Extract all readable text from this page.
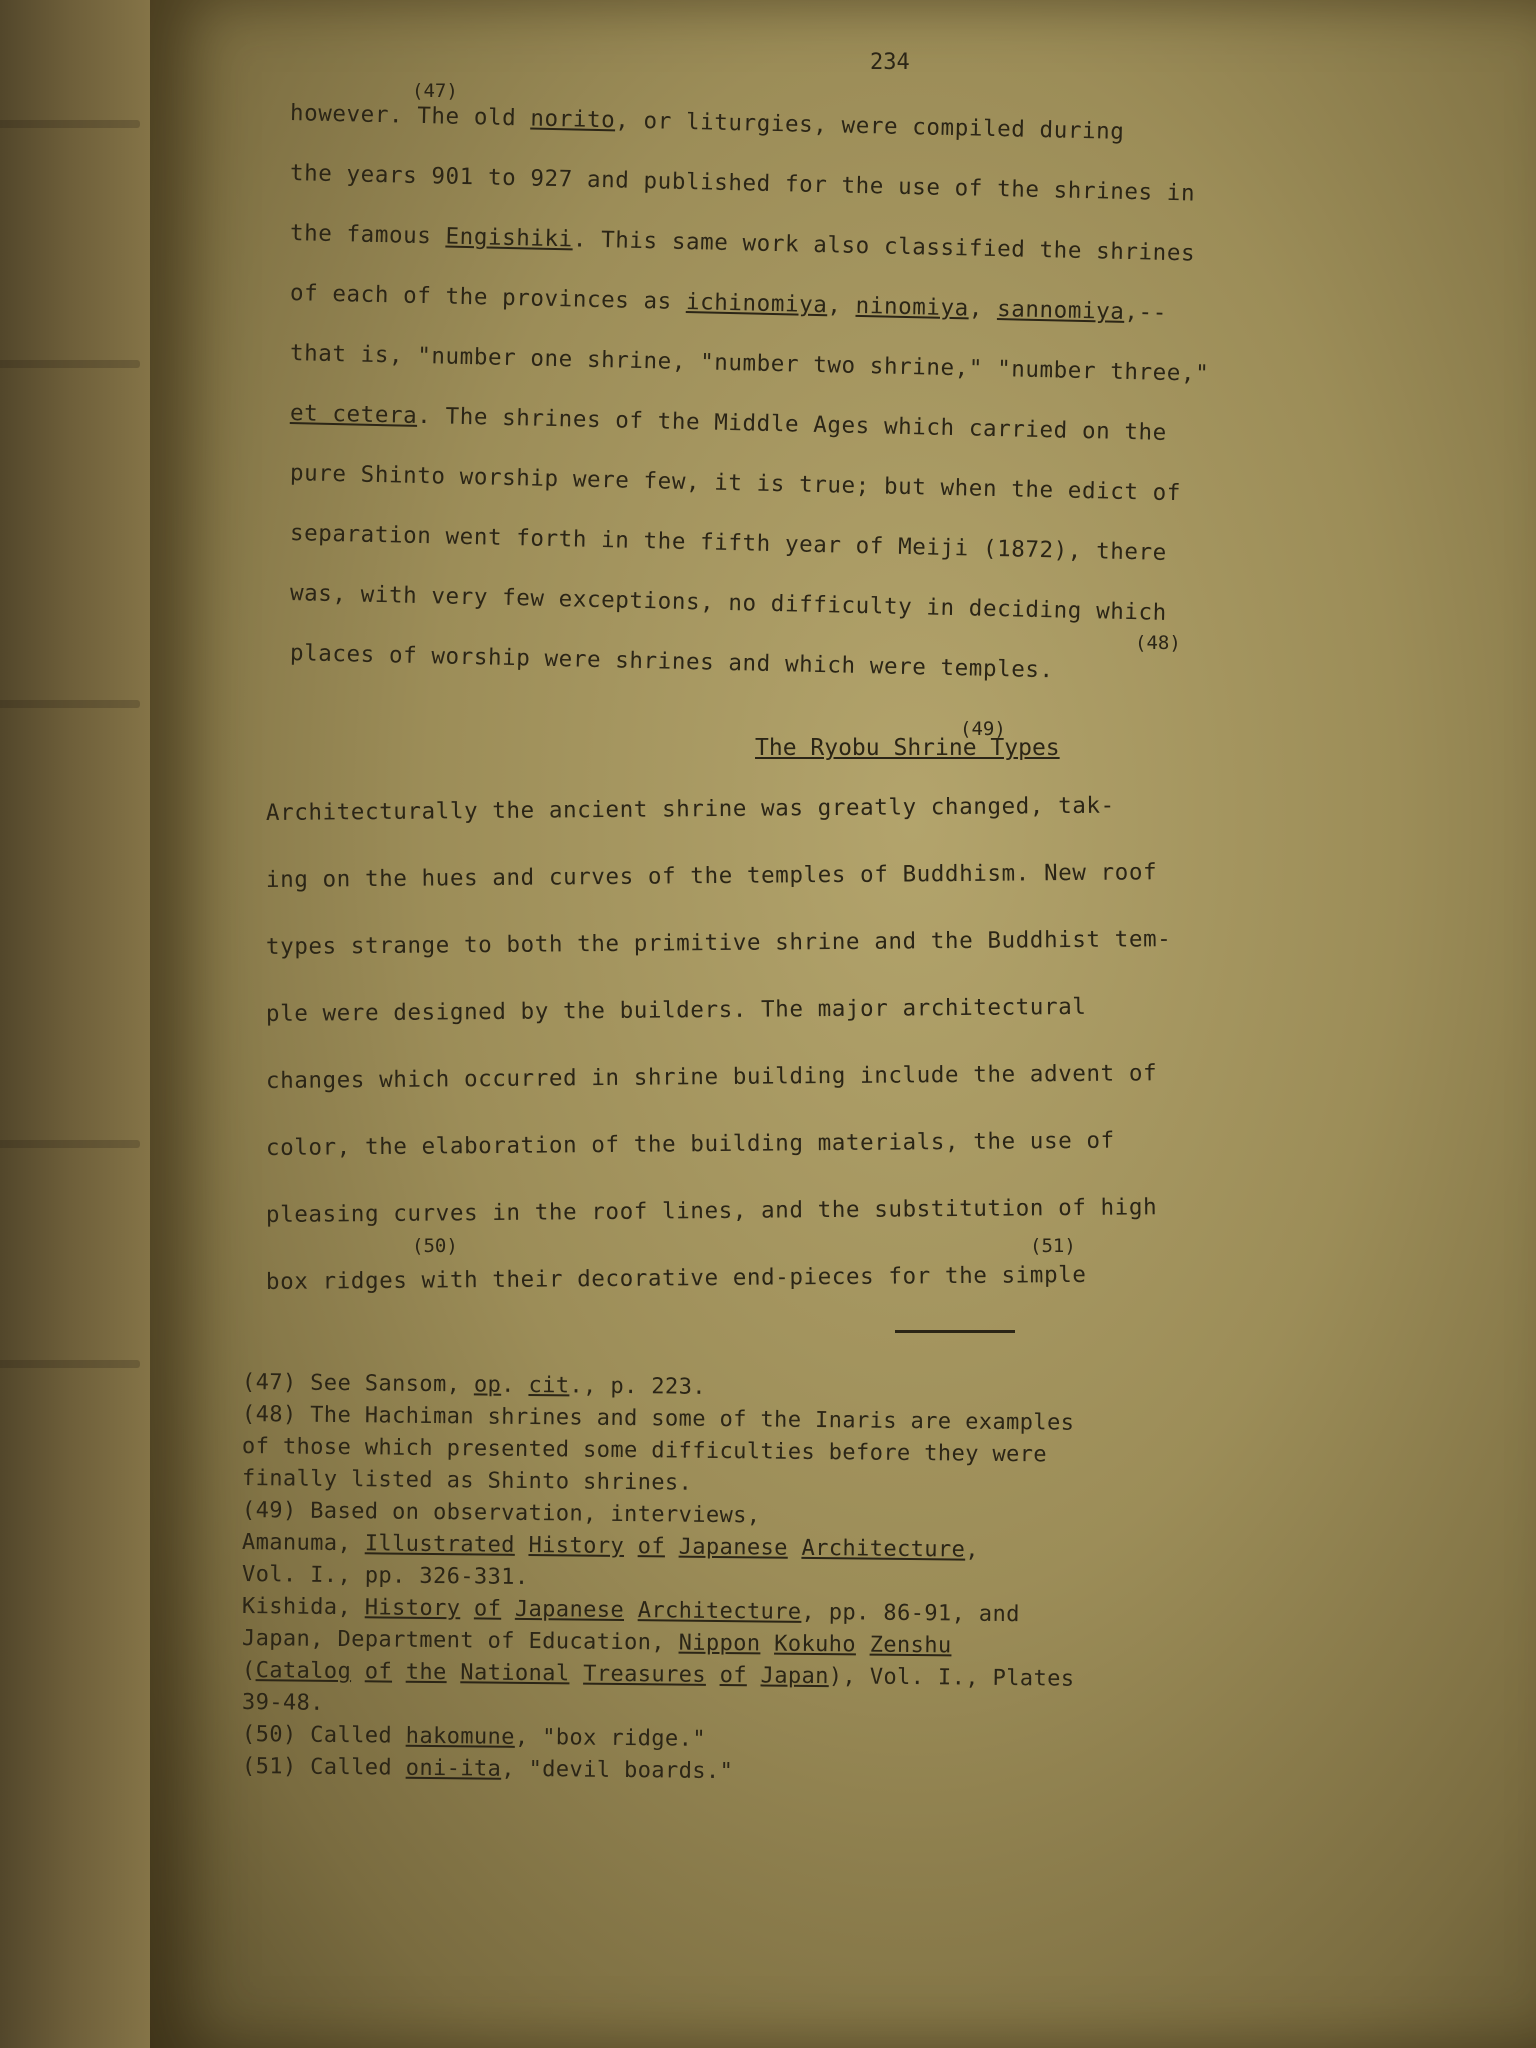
234
however. The old norito, or liturgies, were compiled during
the years 901 to 927 and published for the use of the shrines in
the famous Engishiki. This same work also classified the shrines
of each of the provinces as ichinomiya, ninomiya, sannomiya,--
that is, "number one shrine, "number two shrine," "number three,"
et cetera. The shrines of the Middle Ages which carried on the
pure Shinto worship were few, it is true; but when the edict of
separation went forth in the fifth year of Meiji (1872), there
was, with very few exceptions, no difficulty in deciding which
places of worship were shrines and which were temples.
(47)
(48)
The Ryobu Shrine Types
(49)
Architecturally the ancient shrine was greatly changed, tak-
ing on the hues and curves of the temples of Buddhism. New roof
types strange to both the primitive shrine and the Buddhist tem-
ple were designed by the builders. The major architectural
changes which occurred in shrine building include the advent of
color, the elaboration of the building materials, the use of
pleasing curves in the roof lines, and the substitution of high
box ridges with their decorative end-pieces for the simple
(50)	(51)
(47) See Sansom, op. cit., p. 223.
(48) The Hachiman shrines and some of the Inaris are examples
of those which presented some difficulties before they were
finally listed as Shinto shrines.
(49) Based on observation, interviews,
Amanuma, Illustrated History of Japanese Architecture,
Vol. I., pp. 326-331.
Kishida, History of Japanese Architecture, pp. 86-91, and
Japan, Department of Education, Nippon Kokuho Zenshu
(Catalog of the National Treasures of Japan), Vol. I., Plates
39-48.
(50) Called hakomune, "box ridge."
(51) Called oni-ita, "devil boards."
